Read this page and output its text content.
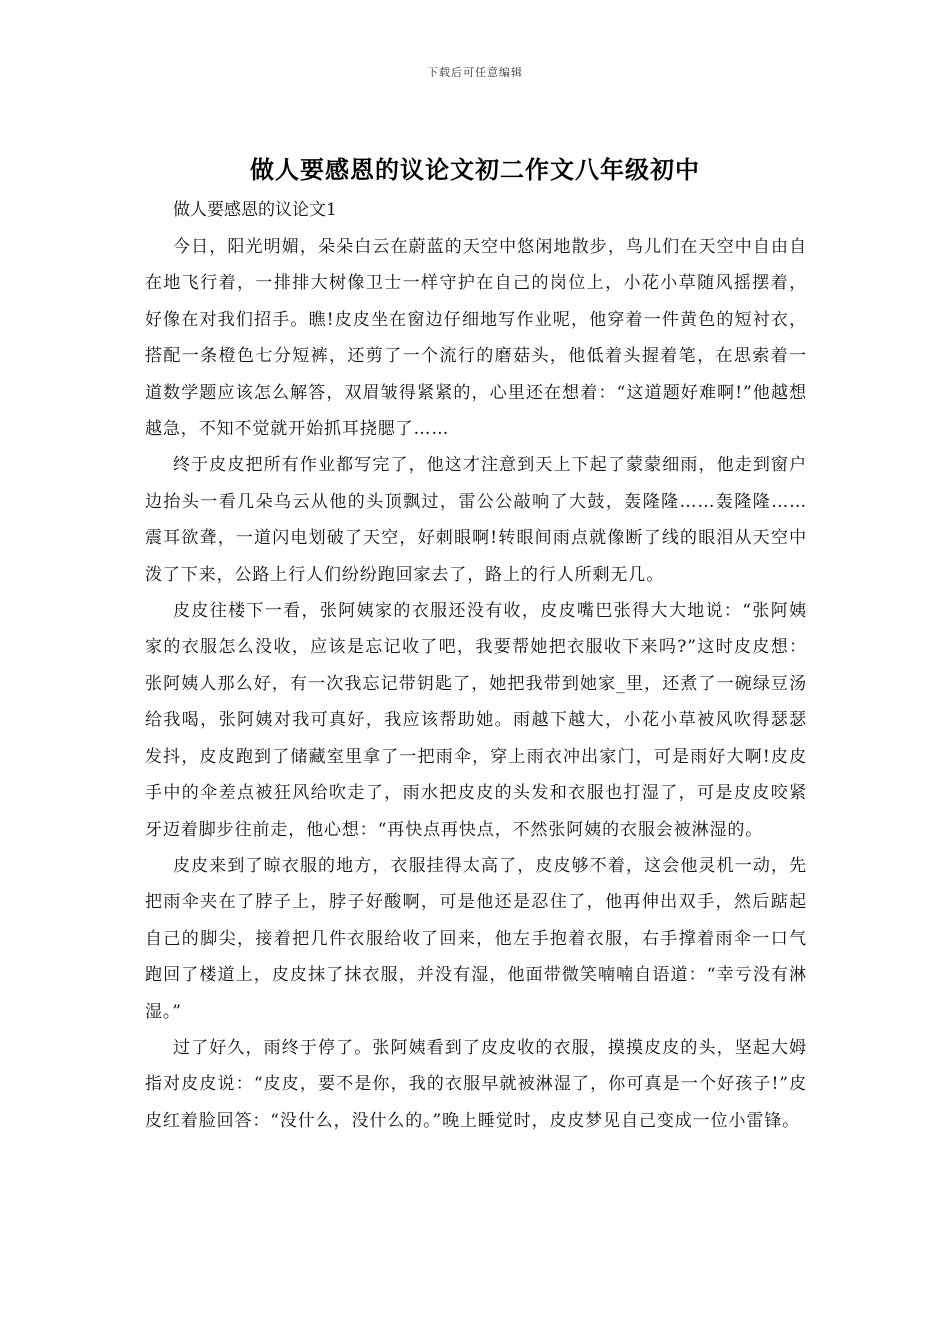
下载后可任意编辑
做人要感恩的议论文初二作文八年级初中

做人要感恩的议论文1

今日，阳光明媚，朵朵白云在蔚蓝的天空中悠闲地散步，鸟儿们在天空中自由自在地飞行着，一排排大树像卫士一样守护在自己的岗位上，小花小草随风摇摆着，好像在对我们招手。瞧!皮皮坐在窗边仔细地写作业呢，他穿着一件黄色的短衬衣，搭配一条橙色七分短裤，还剪了一个流行的磨菇头，他低着头握着笔，在思索着一道数学题应该怎么解答，双眉皱得紧紧的，心里还在想着：“这道题好难啊!”他越想越急，不知不觉就开始抓耳挠腮了……

终于皮皮把所有作业都写完了，他这才注意到天上下起了蒙蒙细雨，他走到窗户边抬头一看几朵乌云从他的头顶飘过，雷公公敲响了大鼓，轰隆隆……轰隆隆……震耳欲聋，一道闪电划破了天空，好刺眼啊!转眼间雨点就像断了线的眼泪从天空中泼了下来，公路上行人们纷纷跑回家去了，路上的行人所剩无几。

皮皮往楼下一看，张阿姨家的衣服还没有收，皮皮嘴巴张得大大地说：“张阿姨家的衣服怎么没收，应该是忘记收了吧，我要帮她把衣服收下来吗?”这时皮皮想：张阿姨人那么好，有一次我忘记带钥匙了，她把我带到她家_里，还煮了一碗绿豆汤给我喝，张阿姨对我可真好，我应该帮助她。雨越下越大，小花小草被风吹得瑟瑟发抖，皮皮跑到了储藏室里拿了一把雨伞，穿上雨衣冲出家门，可是雨好大啊!皮皮手中的伞差点被狂风给吹走了，雨水把皮皮的头发和衣服也打湿了，可是皮皮咬紧牙迈着脚步往前走，他心想：“再快点再快点，不然张阿姨的衣服会被淋湿的。

皮皮来到了晾衣服的地方，衣服挂得太高了，皮皮够不着，这会他灵机一动，先把雨伞夹在了脖子上，脖子好酸啊，可是他还是忍住了，他再伸出双手，然后踮起自己的脚尖，接着把几件衣服给收了回来，他左手抱着衣服，右手撑着雨伞一口气跑回了楼道上，皮皮抹了抹衣服，并没有湿，他面带微笑喃喃自语道：“幸亏没有淋湿。”

过了好久，雨终于停了。张阿姨看到了皮皮收的衣服，摸摸皮皮的头，坚起大姆指对皮皮说：“皮皮，要不是你，我的衣服早就被淋湿了，你可真是一个好孩子!”皮皮红着脸回答：“没什么，没什么的。”晚上睡觉时，皮皮梦见自己变成一位小雷锋。
